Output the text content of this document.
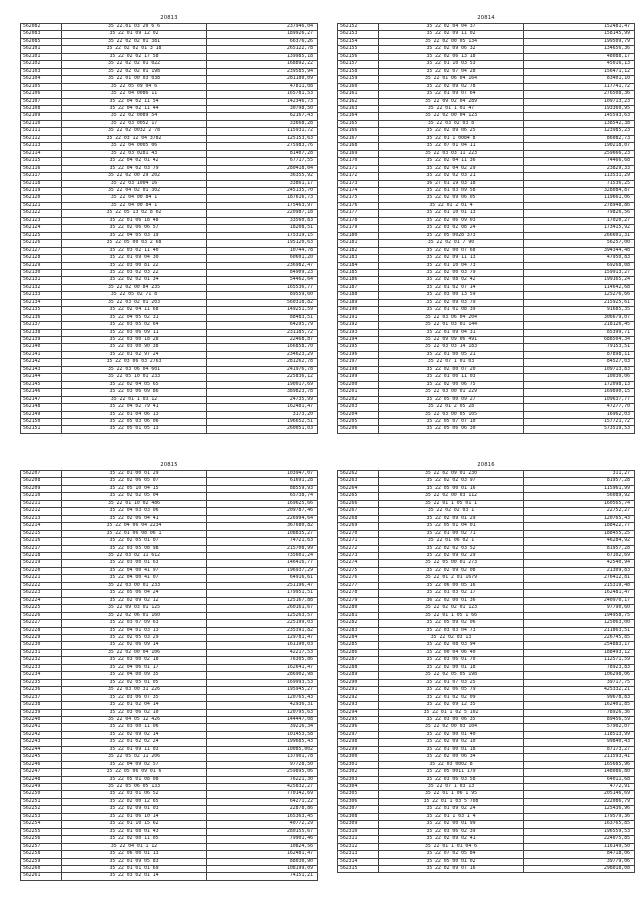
20813
562082	35 22.01 03 20 6 6	237946,04
562083	35 22 01 09 12 02	189926,27
562085	35 22 02 02 01 381	66376,26
562101	35 22 02 02 01 3 18	265122,78
562101	35 22 02 02 17 58	139985,18
562102	35 22 02 02 01 022	168892,22
562103	35 22 02 02 01 198	239585,94
562104	35 22 01 00 03 038	281180,09
562105	35 22 05 09 04 6	47811,08
562106	35 22 04 0086 11	165781,53
562107	35 22 04 02 11 54	142346,73
562108	35 22 04 02 11 44	30798,50
562109	35 22 02 0089 54	62167,43
562110	35 22 03 0052 17	33668,28
562111	35 22 02 0032 2 78	115931,72
562112	35 22 03 12 04 3782	125153,63
562113	35 22 04 0005 06	275983,76
562114	35 22 03 0281 43	81407,28
562115	35 22 04 02 01 42	67717,55
562116	35 22 04 02 03 79	280418,04
562117	35 22 02 00 29 202	36355,92
562118	35 22 03 1004 16	33861,17
562119	35 22 04 02 01 302	245135,70
562120	35 22 04 00 84 1	187616,73
562121	35 22 04 00 84 1	175463,97
562122	35 22 05 13 02 8 02	220987,18
562123	35 22 01 06 18 48	33560,83
562124	35 22 02 06 06 57	18208,51
562125	35 22 04 05 03 19	175319,15
562126	35 22 05 00 03 2 68	195120,63
562127	35 22 03 02 11 40	10744,78
562128	35 22 01 09 04 30	60601,20
562129	35 22 03 00 81 22	236982,47
562130	35 22 03 02 03 22	84909,23
562131	35 22 02 02 01 34	54462,64
562132	35 22 02 00 84 235	165536,77
562133	35 22 05 02 71 8	89559,60
562134	35 22 03 02 01 203	560318,82
562135	35 22 02 04 11 68	149251,59
562136	35 22 04 05 02 31	88483,51
562137	35 22 03 05 02 64	64295,79
562138	35 22 03 06 09 11	231185,72
562139	35 22 03 00 18 28	22468,87
562140	35 22 03 00 90 38	166858,70
562141	35 22 01 02 97 24	234623,29
562142	35 22 03 06 03 2763	281262,78
562143	35 22 03 06 04 601	241976,78
562144	35 22 05 10 01 233	225836,12
562145	35 22 02 04 05 65	190017,69
562146	35 22 03 06 09 86	389823,78
562147	35 22 01 1 03 12	24735,99
562148	35 22 04 02 79 41	162481,47
562149	35 22 01 04 06 13	3173,20
562150	35 22 05 03 06 06	196652,51
562151	35 22 05 01 05 13	260051,03
20814
562152	35 22 02 04 04 37	152481,47
562153	35 22 02 09 11 02	158145,99
562154	35 22 02 00 05 134	199509,79
562155	35 22 02 09 06 32	134656,36
562156	35 22 02 06 13 18	48088,17
562157	35 22 01 10 03 53	45016,13
562158	35 22 02 07 04 28	156471,12
562159	35 22 01 06 04 164	83401,10
562160	35 22 02 09 02 78	117741,72
562161	35 22 01 09 07 64	276508,36
562162	35 22 09 02 04 289	109713,23
562163	35 22 01 1 01 47	193360,95
562164	35 22 02 00 04 123	145593,63
562165	35 22 03 02 03 8	138542,38
562166	35 22 02 09 06 25	123985,23
562167	35 22 01 1 0084 8	86082,73
562168	35 22 07 01 04 11	190218,07
562169	35 22 03 03 11 223	259666,23
562170	35 22 02 04 11 36	74466,68
562171	35 22 02 04 02 29	23829,33
562172	35 22 02 02 03 21	113531,29
562173	36 27 01 19 03 18	71536,25
562174	35 22 01 03 09 58	328084,87
562175	35 22 02 09 06 05	119661,06
562176	35 22 01 2 01 4	278948,86
562177	35 22 01 10 01 13	79826,56
562178	35 22 02 06 09 03	17020,27
562179	35 22 03 02 08 24	173415,92
562180	35 22 05 0028 373	266601,31
562181	35 22 02 01 7 90	56257,00
562182	35 22 02 00 07 68	394344,48
562183	35 22 02 09 11 13	47950,83
562184	35 22 01 10 04 73	69268,08
562185	35 22 02 00 03 79	159913,27
562186	35 22 02 08 02 42	199165,24
562187	35 22 01 02 07 14	114642,68
562188	35 22 03 00 13 59	125276,66
562189	35 22 02 09 03 79	215925,61
562190	35 22 01 01 08 39	91685,35
562191	35 22 03 06 04 204	306679,07
562192	35 22 01 03 01 144	218126,45
562193	35 22 01 09 04 31	85399,71
562194	35 22 09 09 06 491	688504,34
562195	35 22 03 03 14 183	79153,51
562196	35 22 01 00 05 21	87898,11
562197	35 22 07 1 01 03	84527,03
562198	35 22 02 00 07 20	109713,83
562199	35 22 01 00 11 03	10030,06
562200	35 22 02 00 06 75	172098,13
562201	35 22 03 00 01 229	169890,15
562202	35 22 05 00 09 27	109637,77
562203	35 22 01 2 05 28	47277,70
562204	35 22 03 00 05 105	16962,03
562205	35 22 05 07 07 10	157721,72
562206	35 22 05 06 06 30	573519,53
20815
562207	35 22 01 00 01 29	103947,07
562208	35 22 02 06 05 07	61691,28
562209	35 22 05 10 04 15	88559,93
562210	35 22 02 02 05 04	65738,74
562211	35 22 01 10 02 486	169625,66
562212	35 22 04 03 03 06	209787,46
562213	35 22 02 06 04 41	226994,64
562214	35 22 04 06 04 2234	367680,82
562215	35 22 01 06 08 06 1	108835,27
562216	35 22 02 05 01 07	74721,63
562217	35 22 03 05 08 98	215708,99
562218	35 22 03 02 11 612	735601,24
562219	35 22 03 00 01 63	146416,77
562220	35 22 04 00 41 97	196937,29
562221	35 22 04 00 41 07	64916,61
562222	35 22 03 00 01 233	251196,47
562223	35 22 05 06 04 24	179951,51
562224	35 22 02 09 02 12	125167,88
562225	35 22 09 03 01 125	260161,67
562226	35 22 02 06 01 160	125263,57
562227	35 22 03 07 09 63	225199,03
562228	35 22 04 01 03 13	235391,82
562229	35 22 02 05 03 29	129781,47
562230	35 22 02 06 09 14	161190,03
562231	35 22 02 00 04 106	42217,53
562232	35 22 03 00 02 18	76305,86
562233	35 22 04 06 01 17	162641,47
562234	35 22 04 00 09 35	286902,98
562235	35 22 02 05 01 05	169993,53
562236	35 22 03 00 31 226	195945,27
562237	35 22 03 06 07 35	120765,43
562238	35 22 01 02 04 14	42936,31
562239	35 22 03 06 02 10	120795,63
562240	35 22 04 05 12 426	144447,08
562241	35 22 03 00 11 06	39216,34
562242	35 22 02 09 02 14	101453,58
562243	35 22 01 02 02 24	199685,43
562244	35 22 01 09 11 03	10085,002
562245	35 22 05 02 11 206	137901,78
562246	35 22 04 09 02 57	97728,50
562247	35 22 05 06 09 01 6	259895,06
562248	35 22 05 01 08 08	76221,30
562249	35 22 05 06 05 133	425832,27
562250	35 22 03 01 06 52	770142,69
562251	35 22 02 00 12 65	64271,22
562252	35 22 02 09 01 03	22878,86
562253	35 22 01 06 10 14	165363,45
562254	35 22 01 10 15 62	40772,29
562255	35 22 01 08 01 43	280155,67
562256	35 22 02 00 11 05	79901,46
562257	35 22 04 01 1 12	10824,56
562258	35 22 06 00 01 13	162481,47
562259	35 22 01 09 05 83	88030,90
562260	35 22 01 01 01 69	108199,09
562261	35 22 03 02 01 14	74151,21
20816
562262	35 22 02 09 01 230	311,27
562263	35 22 02 02 03 97	81957,28
562264	35 22 05 00 01 16	115961,99
562265	35 22 02 00 03 112	56089,92
562266	35 22 01 1 05 01 1	160565,74
562267	35 22 02 02 03 1	22752,27
562268	35 22 02 09 01 29	120765,43
562269	35 22 05 01 04 01	188422,77
562270	35 22 01 00 02 71	188455,25
562271	35 22 01 06 02 1	46284,92
562272	35 22 02 02 03 52	81957,28
562273	35 22 02 09 02 29	67102,69
562274	35 22 05 00 01 273	42540,94
562275	35 22 02 09 02 08	21309,83
562276	35 22 01 2 01 1679	276412,81
562277	35 22 06 00 05 16	215319,48
562278	35 22 01 03 02 17	162481,47
562279	36 22 02 00 01 36	240970,17
562280	35 22 02 02 01 123	97790,60
562281	35 22 01 1 05 1 66	194958,75
562282	35 22 05 09 02 06	125063,00
562283	35 22 03 03 04 73	211863,51
562284	35 22 02 03 13	226745,85
562285	35 22 02 08 03 94	254883,17
562286	35 22 00 04 06 40	188493,12
562287	35 22 03 06 01 70	112571,59
562288	35 22 02 00 01 18	78923,83
562289	35 22 02 05 05 198	106298,06
562290	35 22 01 07 03 25	39717,75
562291	35 22 02 06 05 79	425332,21
562292	35 22 01 02 02 09	99678,83
562293	35 22 02 09 12 35	162401,85
562294	35 22 01 1 02 5 102	78926,36
562295	35 22 03 00 06 35	89456,59
562296	35 22 02 00 03 104	57902,07
562297	35 22 02 00 01 40	118513,99
562298	35 22 02 09 02 10	99840,43
562299	35 22 01 00 01 18	87173,27
562300	35 22 02 00 06 34	211593,41
562301	35 22 03 0002 8	165685,96
562302	35 22 05 0011 179	148086,80
562303	35 22 03 06 03 58	64011,68
562304	35 22 07 1 03 13	4772,91
562305	35 22 01 1 06 1 95	205146,69
562306	35 22 01 1 03 5 708	222086,79
562307	35 22 01 09 02 24	125436,96
562308	35 22 01 1 03 1 4	179579,36
562309	35 22 02 00 01 99	163765,85
562310	35 22 03 06 02 39	196559,53
562311	35 22 02 09 02 41	224075,85
562312	35 22 01 1 01 04 6	116149,50
562313	35 22 07 02 05 84	84718,06
562314	35 22 05 00 01 02	39779,06
562315	35 22 02 09 07 16	298018,08
